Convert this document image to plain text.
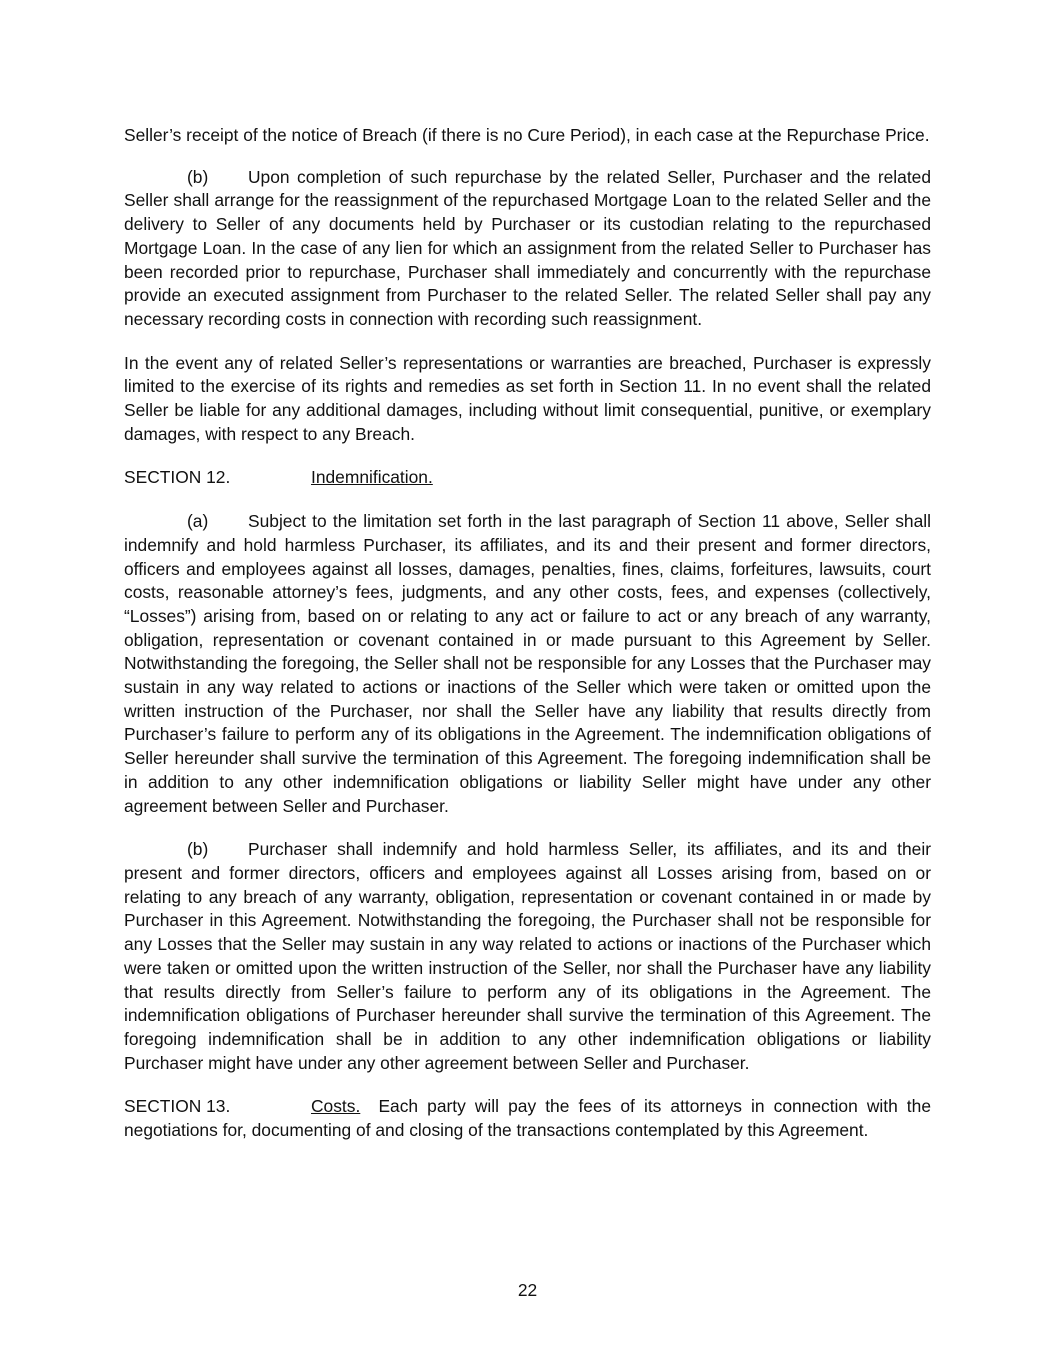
Seller’s receipt of the notice of Breach (if there is no Cure Period), in each case at the Repurchase Price.

(b) Upon completion of such repurchase by the related Seller, Purchaser and the related Seller shall arrange for the reassignment of the repurchased Mortgage Loan to the related Seller and the delivery to Seller of any documents held by Purchaser or its custodian relating to the repurchased Mortgage Loan. In the case of any lien for which an assignment from the related Seller to Purchaser has been recorded prior to repurchase, Purchaser shall immediately and concurrently with the repurchase provide an executed assignment from Purchaser to the related Seller. The related Seller shall pay any necessary recording costs in connection with recording such reassignment.

In the event any of related Seller’s representations or warranties are breached, Purchaser is expressly limited to the exercise of its rights and remedies as set forth in Section 11. In no event shall the related Seller be liable for any additional damages, including without limit consequential, punitive, or exemplary damages, with respect to any Breach.

SECTION 12.	Indemnification.

(a) Subject to the limitation set forth in the last paragraph of Section 11 above, Seller shall indemnify and hold harmless Purchaser, its affiliates, and its and their present and former directors, officers and employees against all losses, damages, penalties, fines, claims, forfeitures, lawsuits, court costs, reasonable attorney’s fees, judgments, and any other costs, fees, and expenses (collectively, “Losses”) arising from, based on or relating to any act or failure to act or any breach of any warranty, obligation, representation or covenant contained in or made pursuant to this Agreement by Seller. Notwithstanding the foregoing, the Seller shall not be responsible for any Losses that the Purchaser may sustain in any way related to actions or inactions of the Seller which were taken or omitted upon the written instruction of the Purchaser, nor shall the Seller have any liability that results directly from Purchaser’s failure to perform any of its obligations in the Agreement. The indemnification obligations of Seller hereunder shall survive the termination of this Agreement. The foregoing indemnification shall be in addition to any other indemnification obligations or liability Seller might have under any other agreement between Seller and Purchaser.

(b) Purchaser shall indemnify and hold harmless Seller, its affiliates, and its and their present and former directors, officers and employees against all Losses arising from, based on or relating to any breach of any warranty, obligation, representation or covenant contained in or made by Purchaser in this Agreement. Notwithstanding the foregoing, the Purchaser shall not be responsible for any Losses that the Seller may sustain in any way related to actions or inactions of the Purchaser which were taken or omitted upon the written instruction of the Seller, nor shall the Purchaser have any liability that results directly from Seller’s failure to perform any of its obligations in the Agreement. The indemnification obligations of Purchaser hereunder shall survive the termination of this Agreement. The foregoing indemnification shall be in addition to any other indemnification obligations or liability Purchaser might have under any other agreement between Seller and Purchaser.

SECTION 13.	Costs. Each party will pay the fees of its attorneys in connection with the negotiations for, documenting of and closing of the transactions contemplated by this Agreement.

22
